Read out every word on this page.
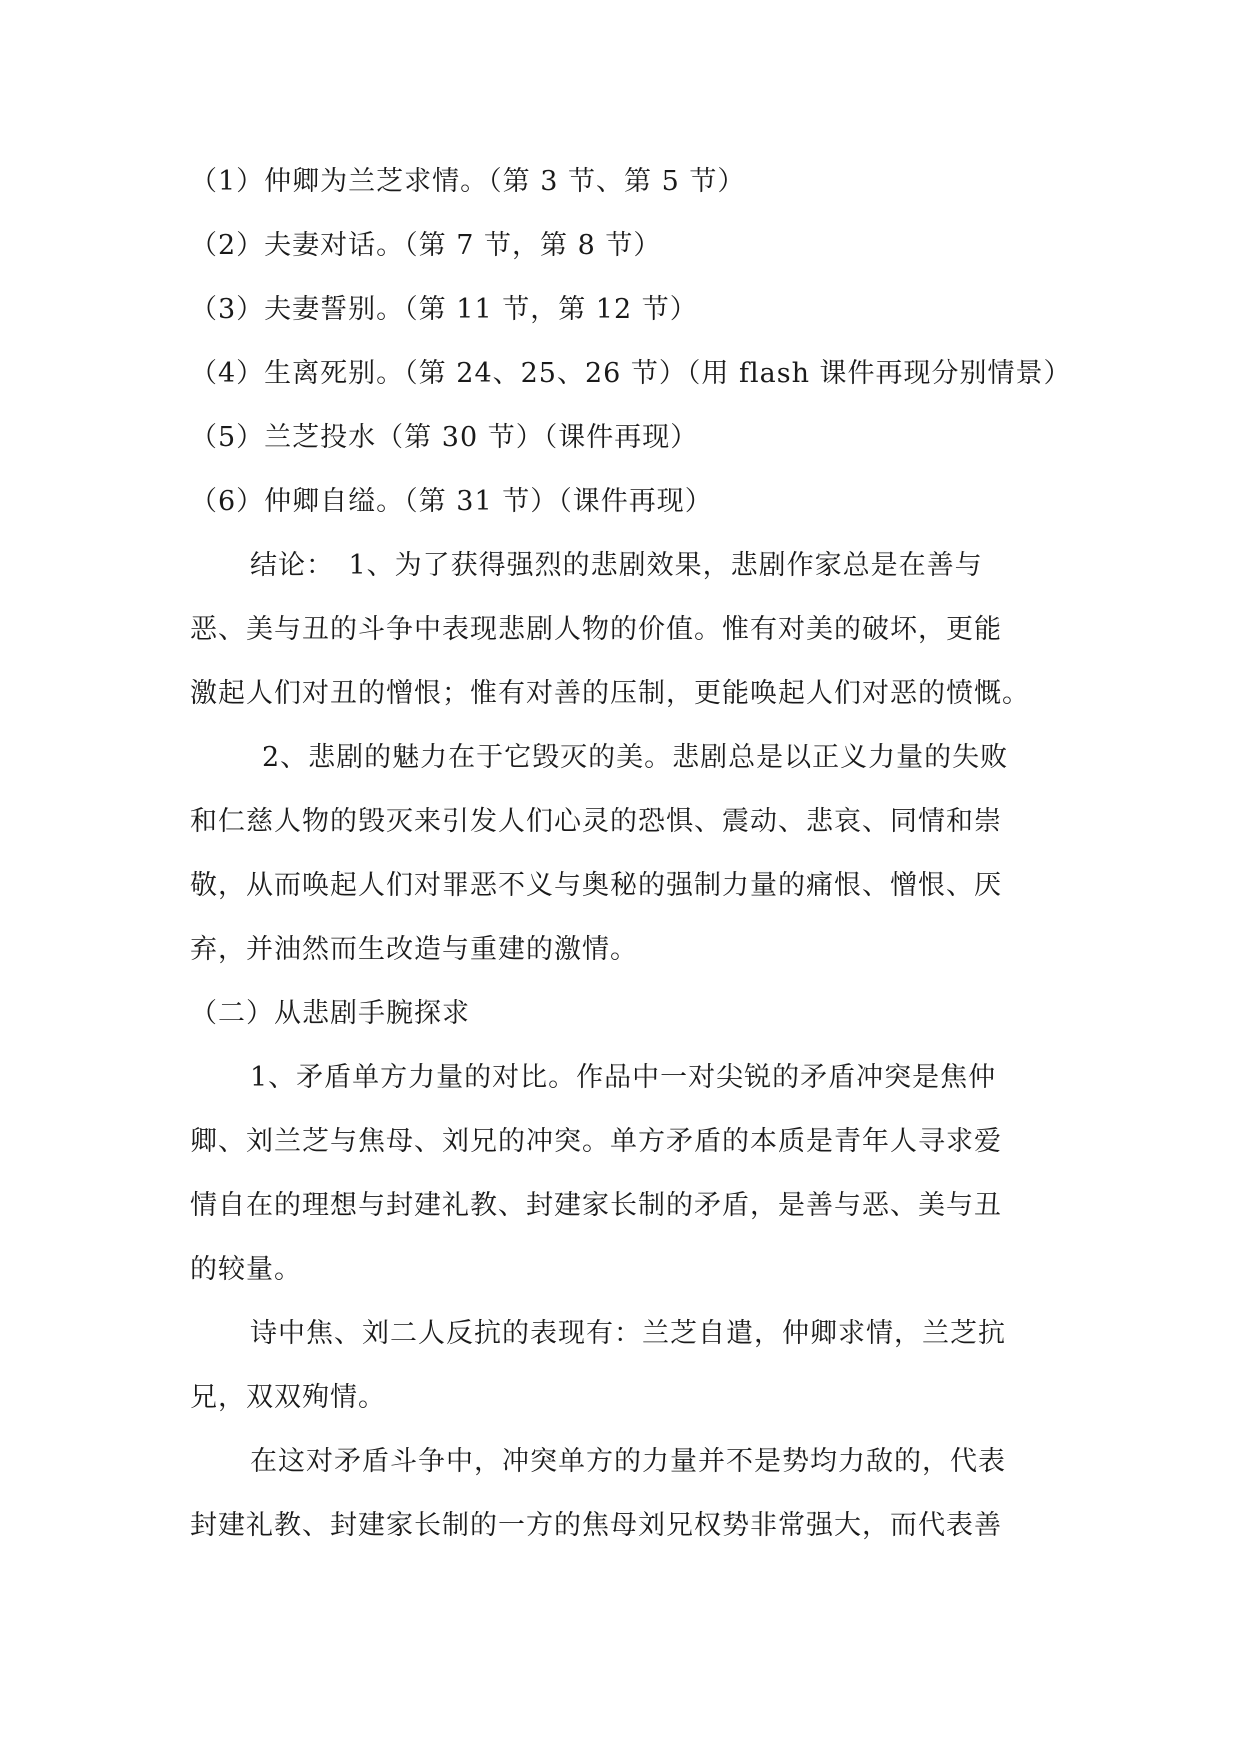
（1）仲卿为兰芝求情。（第 3 节、第 5 节）
（2）夫妻对话。（第 7 节，第 8 节）
（3）夫妻誓别。（第 11 节，第 12 节）
（4）生离死别。（第 24、25、26 节）（用 flash 课件再现分别情景）
（5）兰芝投水（第 30 节）（课件再现）
（6）仲卿自缢。（第 31 节）（课件再现）
结论：　1、为了获得强烈的悲剧效果，悲剧作家总是在善与
恶、美与丑的斗争中表现悲剧人物的价值。惟有对美的破坏，更能
激起人们对丑的憎恨；惟有对善的压制，更能唤起人们对恶的愤慨。
2、悲剧的魅力在于它毁灭的美。悲剧总是以正义力量的失败
和仁慈人物的毁灭来引发人们心灵的恐惧、震动、悲哀、同情和崇
敬，从而唤起人们对罪恶不义与奥秘的强制力量的痛恨、憎恨、厌
弃，并油然而生改造与重建的激情。
（二）从悲剧手腕探求
1、矛盾单方力量的对比。作品中一对尖锐的矛盾冲突是焦仲
卿、刘兰芝与焦母、刘兄的冲突。单方矛盾的本质是青年人寻求爱
情自在的理想与封建礼教、封建家长制的矛盾，是善与恶、美与丑
的较量。
诗中焦、刘二人反抗的表现有：兰芝自遣，仲卿求情，兰芝抗
兄，双双殉情。
在这对矛盾斗争中，冲突单方的力量并不是势均力敌的，代表
封建礼教、封建家长制的一方的焦母刘兄权势非常强大，而代表善
